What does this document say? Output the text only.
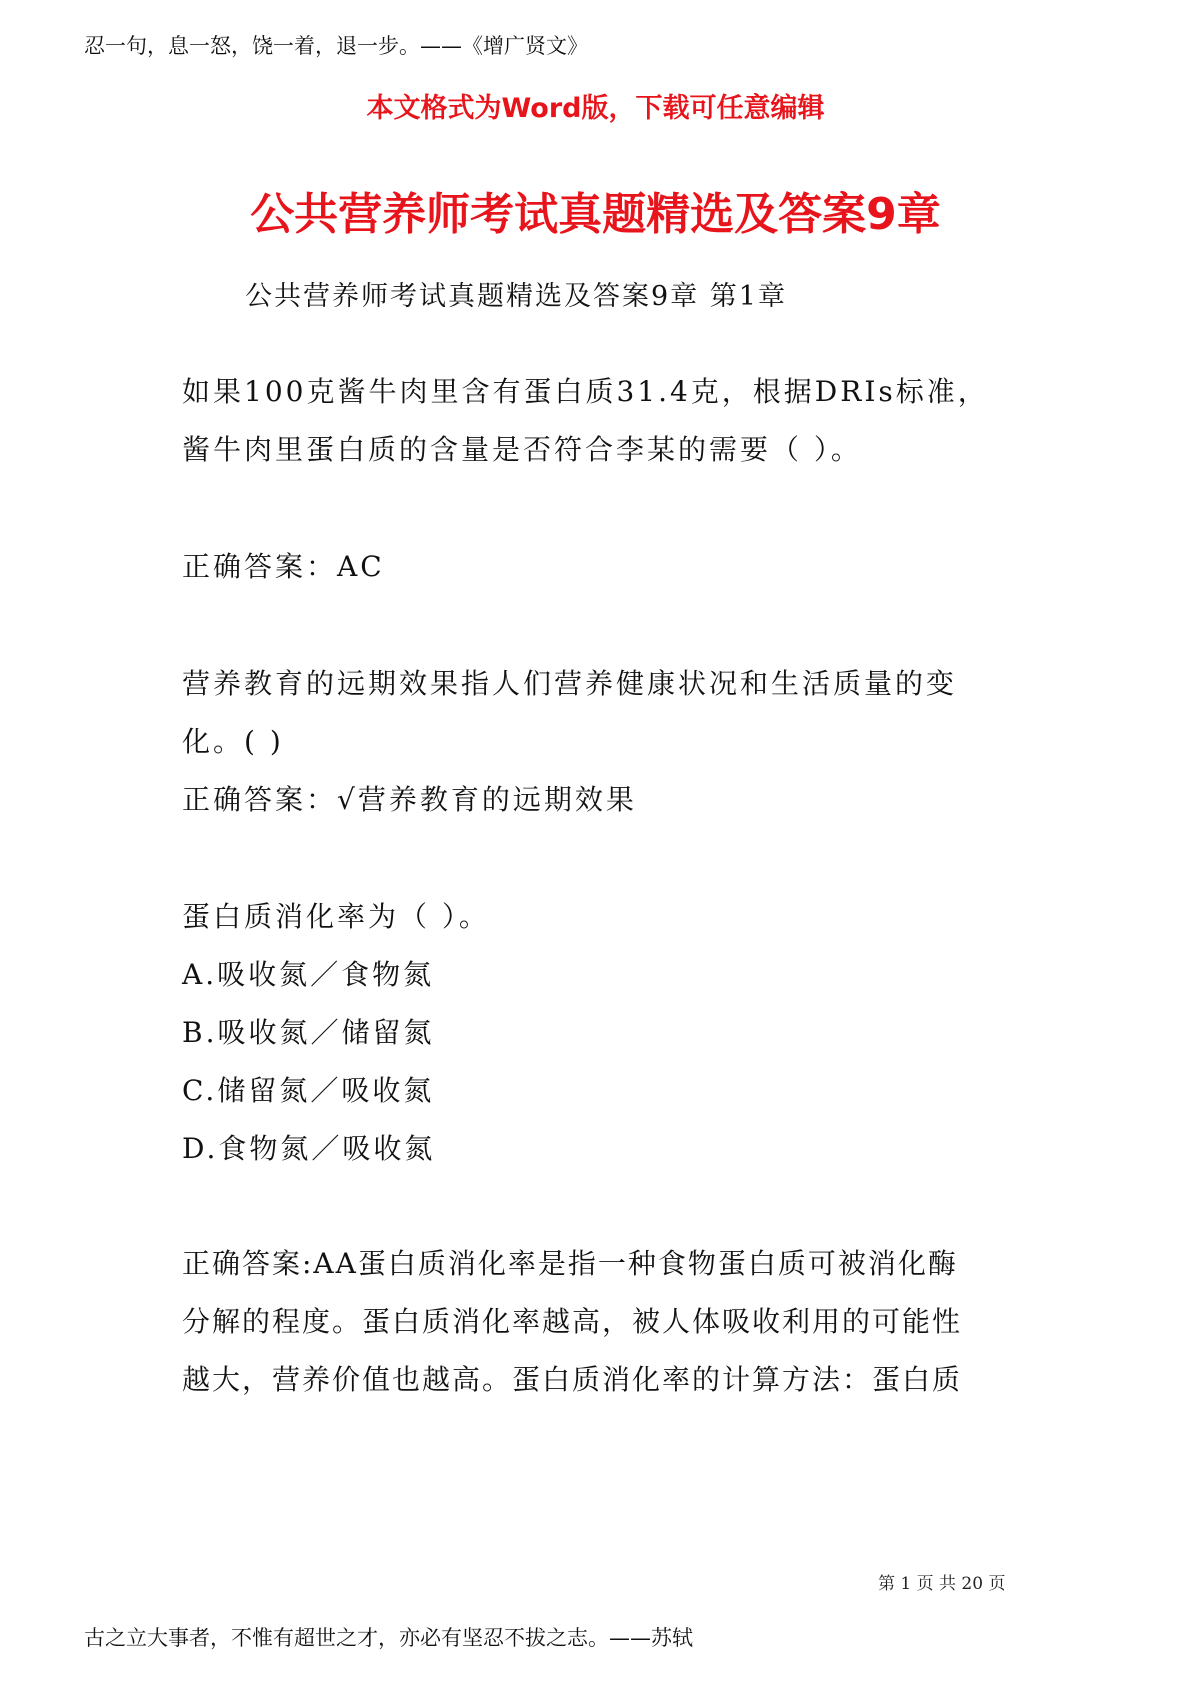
忍一句，息一怒，饶一着，退一步。——《增广贤文》
本文格式为Word版，下载可任意编辑
公共营养师考试真题精选及答案9章
公共营养师考试真题精选及答案9章 第1章
如果100克酱牛肉里含有蛋白质31.4克，根据DRIs标准，
酱牛肉里蛋白质的含量是否符合李某的需要（ ）。
正确答案：AC
营养教育的远期效果指人们营养健康状况和生活质量的变
化。( )
正确答案：√营养教育的远期效果
蛋白质消化率为（ ）。
A.吸收氮／食物氮
B.吸收氮／储留氮
C.储留氮／吸收氮
D.食物氮／吸收氮
正确答案:AA蛋白质消化率是指一种食物蛋白质可被消化酶
分解的程度。蛋白质消化率越高，被人体吸收利用的可能性
越大，营养价值也越高。蛋白质消化率的计算方法：蛋白质
第 1 页 共 20 页
古之立大事者，不惟有超世之才，亦必有坚忍不拔之志。——苏轼
